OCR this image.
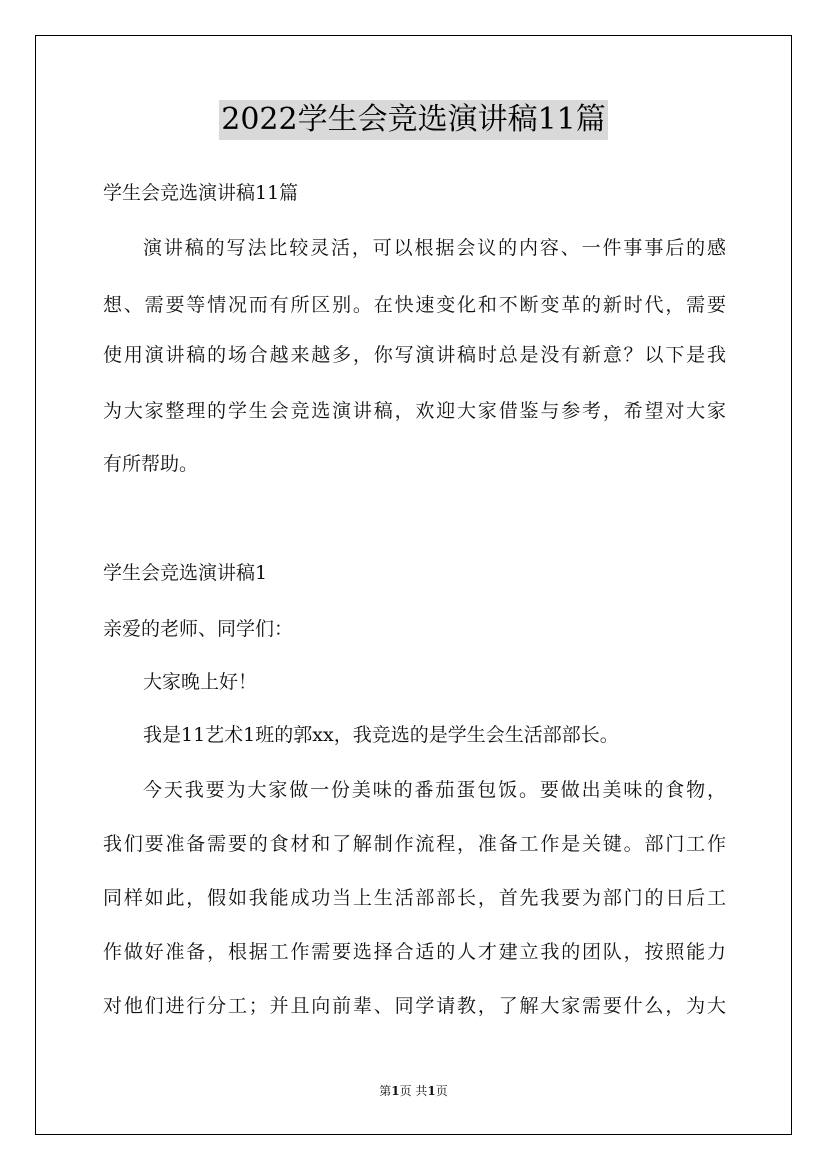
2022学生会竞选演讲稿11篇
学生会竞选演讲稿11篇
演讲稿的写法比较灵活，可以根据会议的内容、一件事事后的感
想、需要等情况而有所区别。在快速变化和不断变革的新时代，需要
使用演讲稿的场合越来越多，你写演讲稿时总是没有新意？以下是我
为大家整理的学生会竞选演讲稿，欢迎大家借鉴与参考，希望对大家
有所帮助。
学生会竞选演讲稿1
亲爱的老师、同学们：
大家晚上好！
我是11艺术1班的郭xx，我竞选的是学生会生活部部长。
今天我要为大家做一份美味的番茄蛋包饭。要做出美味的食物，
我们要准备需要的食材和了解制作流程，准备工作是关键。部门工作
同样如此，假如我能成功当上生活部部长，首先我要为部门的日后工
作做好准备，根据工作需要选择合适的人才建立我的团队，按照能力
对他们进行分工；并且向前辈、同学请教，了解大家需要什么，为大
第1页 共1页
